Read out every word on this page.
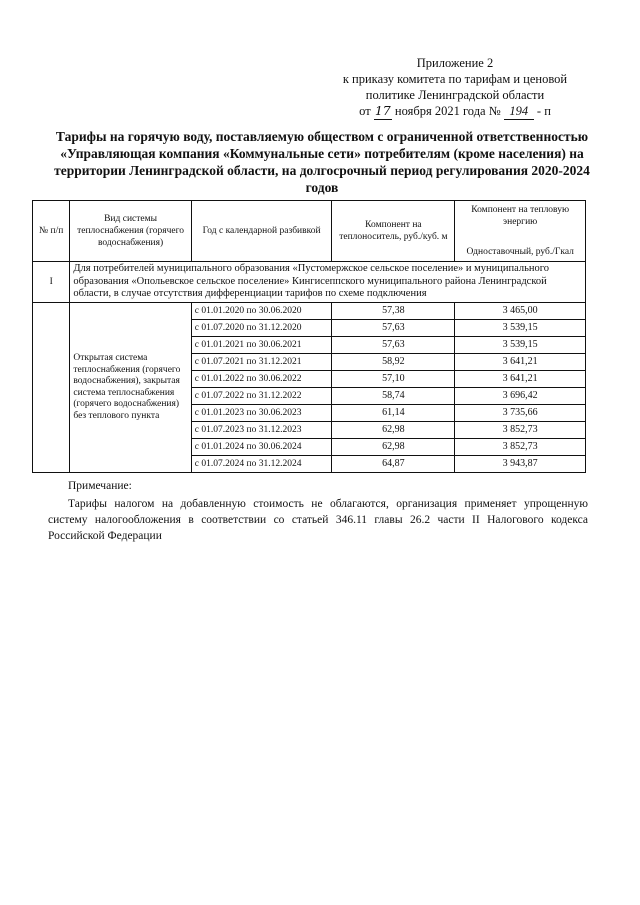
Приложение 2
к приказу комитета по тарифам и ценовой
политике Ленинградской области
от 17 ноября 2021 года № 194 - п
Тарифы на горячую воду, поставляемую обществом с ограниченной ответственностью «Управляющая компания «Коммунальные сети» потребителям (кроме населения) на территории Ленинградской области, на долгосрочный период регулирования 2020-2024 годов
№ п/п	Вид системы теплоснабжения (горячего водоснабжения)	Год с календарной разбивкой	Компонент на теплоноситель, руб./куб. м	Компонент на тепловую энергию
Одноставочный, руб./Гкал
I	Для потребителей муниципального образования «Пустомержское сельское поселение» и муниципального образования «Опольевское сельское поселение» Кингисеппского муниципального района Ленинградской области, в случае отсутствия дифференциации тарифов по схеме подключения			
	Открытая система теплоснабжения (горячего водоснабжения), закрытая система теплоснабжения (горячего водоснабжения) без теплового пункта	с 01.01.2020 по 30.06.2020	57,38	3 465,00
		с 01.07.2020 по 31.12.2020	57,63	3 539,15
		с 01.01.2021 по 30.06.2021	57,63	3 539,15
		с 01.07.2021 по 31.12.2021	58,92	3 641,21
		с 01.01.2022 по 30.06.2022	57,10	3 641,21
		с 01.07.2022 по 31.12.2022	58,74	3 696,42
		с 01.01.2023 по 30.06.2023	61,14	3 735,66
		с 01.07.2023 по 31.12.2023	62,98	3 852,73
		с 01.01.2024 по 30.06.2024	62,98	3 852,73
		с 01.07.2024 по 31.12.2024	64,87	3 943,87
Примечание:
Тарифы налогом на добавленную стоимость не облагаются, организация применяет упрощенную систему налогообложения в соответствии со статьей 346.11 главы 26.2 части II Налогового кодекса Российской Федерации
